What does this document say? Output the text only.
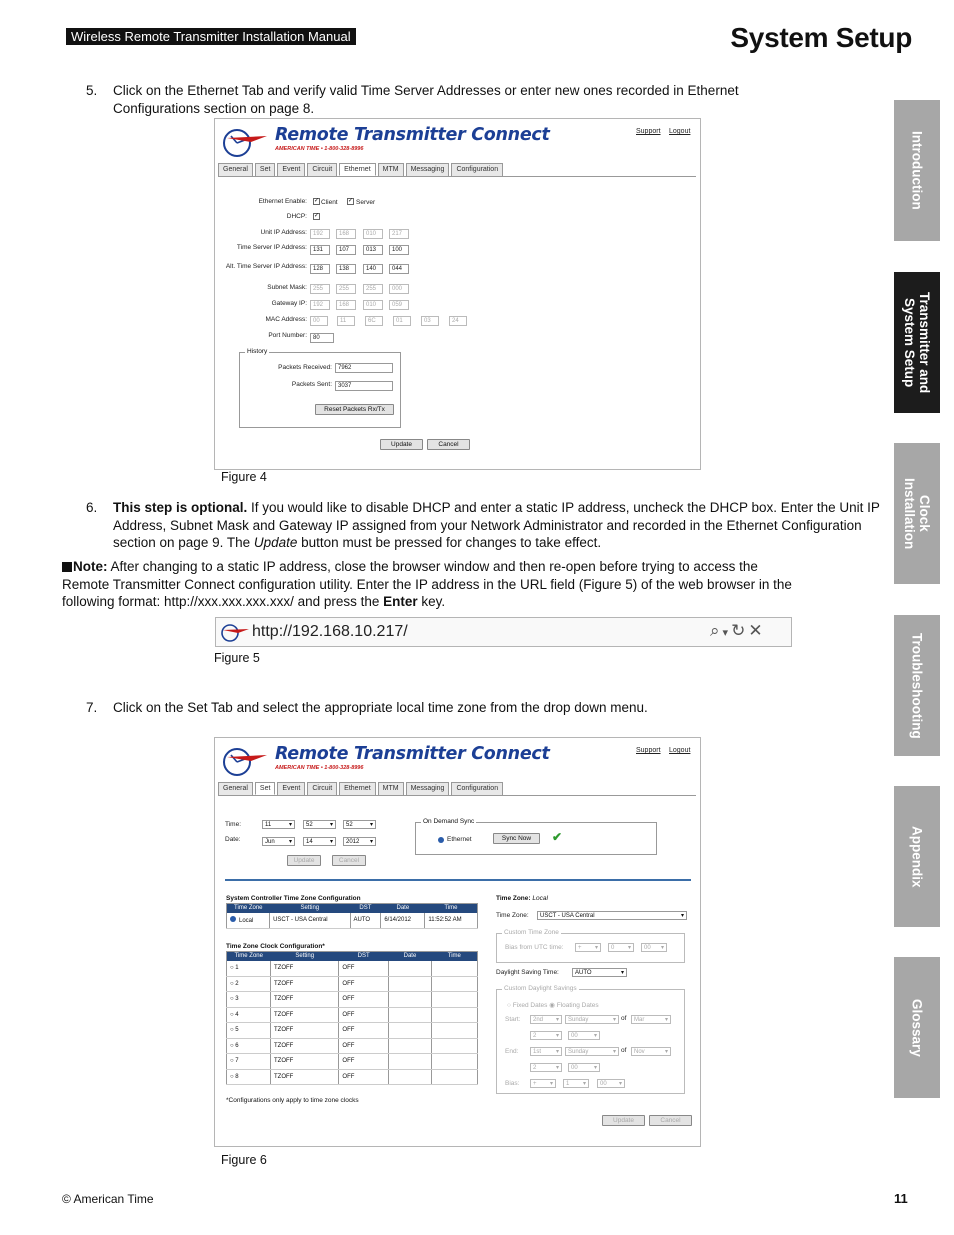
Wireless Remote Transmitter Installation Manual	System Setup
Introduction
Transmitter and
System Setup
Clock
Installation
Troubleshooting
Appendix
Glossary
5. Click on the Ethernet Tab and verify valid Time Server Addresses or enter new ones recorded in Ethernet Configurations section on page 8.
Remote Transmitter Connect
AMERICAN TIME • 1-800-328-8996
Support Logout
General	Set	Event	Circuit	Ethernet	MTM	Messaging	Configuration
Ethernet Enable: ✓ Client ✓ Server
DHCP: ✓
Unit IP Address:	192	168	010	217
Time Server IP Address:	131	107	013	100
Alt. Time Server IP Address:	128	138	140	044
Subnet Mask:	255	255	255	000
Gateway IP:	192	168	010	059
MAC Address:	00	11	6C	01	03	24
Port Number:	80
History
Packets Received:	7962
Packets Sent:	3037
Reset Packets Rx/Tx
Update	Cancel
Figure 4
6. This step is optional. If you would like to disable DHCP and enter a static IP address, uncheck the DHCP box. Enter the Unit IP Address, Subnet Mask and Gateway IP assigned from your Network Administrator and recorded in the Ethernet Configuration section on page 9. The Update button must be pressed for changes to take effect.
Note: After changing to a static IP address, close the browser window and then re-open before trying to access the Remote Transmitter Connect configuration utility. Enter the IP address in the URL field (Figure 5) of the web browser in the following format: http://xxx.xxx.xxx.xxx/ and press the Enter key.
http://192.168.10.217/	⌕▾↻✕
Figure 5
7. Click on the Set Tab and select the appropriate local time zone from the drop down menu.
Remote Transmitter Connect
AMERICAN TIME • 1-800-328-8996
Support Logout
General	Set	Event	Circuit	Ethernet	MTM	Messaging	Configuration
Time:	11 ▾	52 ▾	52 ▾
Date:	Jun ▾	14 ▾	2012 ▾
Update	Cancel
On Demand Sync
Ethernet	Sync Now	✔
System Controller Time Zone Configuration
Time Zone	Setting	DST	Date	Time
Local	USCT - USA Central	AUTO	6/14/2012	11:52:52 AM
Time Zone Clock Configuration*
Time Zone	Setting	DST	Date	Time
○ 1	TZOFF	OFF		
○ 2	TZOFF	OFF		
○ 3	TZOFF	OFF		
○ 4	TZOFF	OFF		
○ 5	TZOFF	OFF		
○ 6	TZOFF	OFF		
○ 7	TZOFF	OFF		
○ 8	TZOFF	OFF		
*Configurations only apply to time zone clocks
Time Zone: Local
Time Zone:	USCT - USA Central ▾
Custom Time Zone
Bias from UTC time:	+ ▾	0 ▾	00 ▾
Daylight Saving Time:	AUTO ▾
Custom Daylight Savings
○ Fixed Dates ◉ Floating Dates
Start:	2nd ▾	Sunday ▾	of	Mar ▾
2 ▾	00 ▾
End:	1st ▾	Sunday ▾	of	Nov ▾
2 ▾	00 ▾
Bias:	+ ▾	1 ▾	00 ▾
Update	Cancel
Figure 6
© American Time	11
